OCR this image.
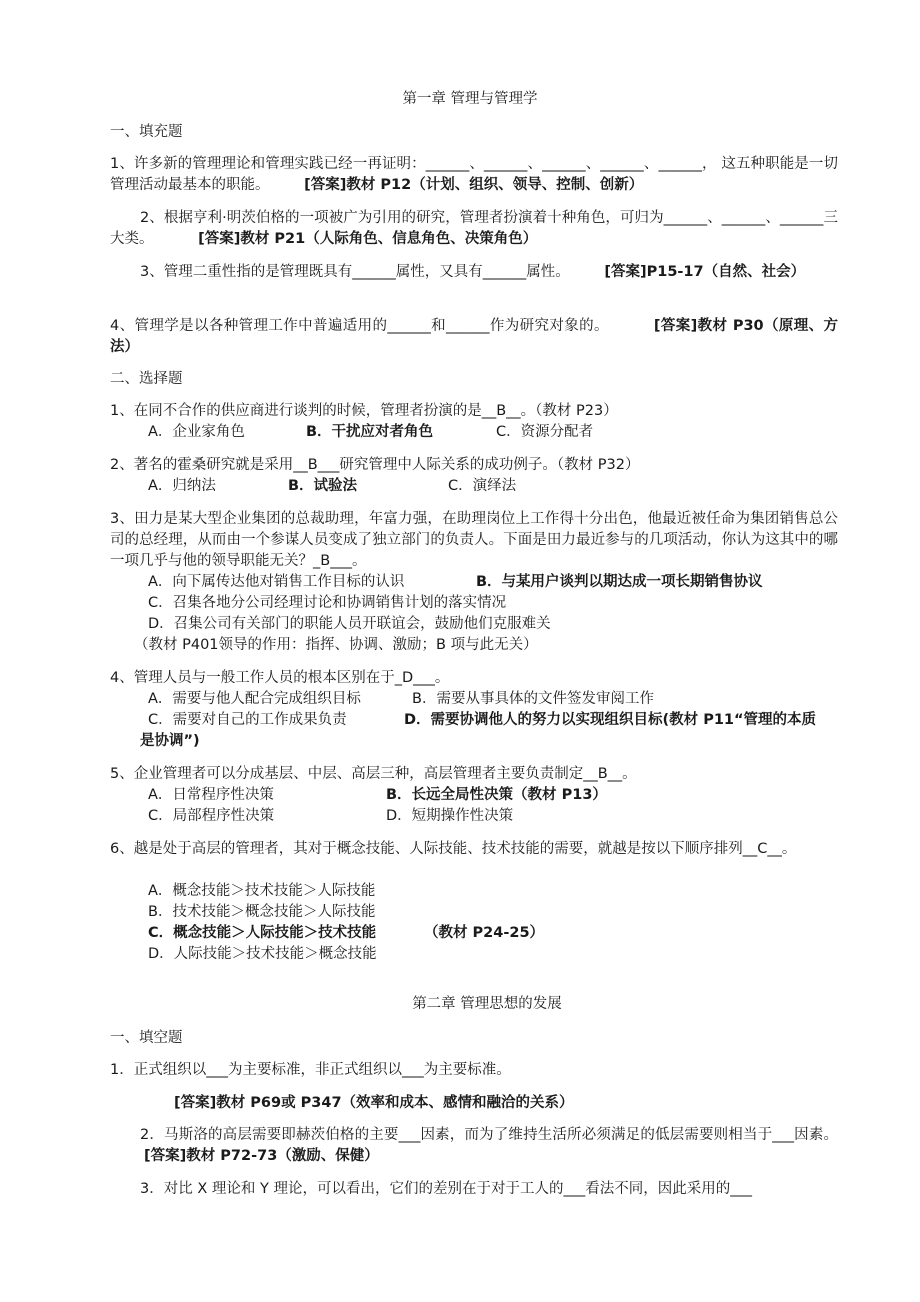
第一章 管理与管理学
一、填充题
1、许多新的管理理论和管理实践已经一再证明：______、______、______、______、______， 这五种职能是一切管理活动最基本的职能。 [答案]教材 P12（计划、组织、领导、控制、创新）
2、根据亨利·明茨伯格的一项被广为引用的研究，管理者扮演着十种角色，可归为______、______、______三大类。	[答案]教材 P21（人际角色、信息角色、决策角色）
3、管理二重性指的是管理既具有______属性，又具有______属性。 [答案]P15-17（自然、社会）
4、管理学是以各种管理工作中普遍适用的______和______作为研究对象的。	[答案]教材 P30（原理、方法）
二、选择题
1、在同不合作的供应商进行谈判的时候，管理者扮演的是__B__。（教材 P23）
A．企业家角色	B．干扰应对者角色	C．资源分配者
2、著名的霍桑研究就是采用__B___研究管理中人际关系的成功例子。（教材 P32）
A．归纳法	B．试验法	C．演绎法
3、田力是某大型企业集团的总裁助理，年富力强，在助理岗位上工作得十分出色，他最近被任命为集团销售总公司的总经理，从而由一个参谋人员变成了独立部门的负责人。下面是田力最近参与的几项活动，你认为这其中的哪一项几乎与他的领导职能无关？_B___。
A．向下属传达他对销售工作目标的认识	B．与某用户谈判以期达成一项长期销售协议
C．召集各地分公司经理讨论和协调销售计划的落实情况
D．召集公司有关部门的职能人员开联谊会，鼓励他们克服难关
（教材 P401领导的作用：指挥、协调、激励；B 项与此无关）
4、管理人员与一般工作人员的根本区别在于_D___。
A．需要与他人配合完成组织目标	B．需要从事具体的文件签发审阅工作
C．需要对自己的工作成果负责	D．需要协调他人的努力以实现组织目标(教材 P11“管理的本质是协调”)
5、企业管理者可以分成基层、中层、高层三种，高层管理者主要负责制定__B__。
A．日常程序性决策	B．长远全局性决策（教材 P13）
C．局部程序性决策	D．短期操作性决策
6、越是处于高层的管理者，其对于概念技能、人际技能、技术技能的需要，就越是按以下顺序排列__C__。
A．概念技能＞技术技能＞人际技能
B．技术技能＞概念技能＞人际技能
C．概念技能＞人际技能＞技术技能	（教材 P24-25）
D．人际技能＞技术技能＞概念技能
第二章 管理思想的发展
一、填空题
1．正式组织以___为主要标准，非正式组织以___为主要标准。
[答案]教材 P69或 P347（效率和成本、感情和融洽的关系）
2．马斯洛的高层需要即赫茨伯格的主要___因素，而为了维持生活所必须满足的低层需要则相当于___因素。 [答案]教材 P72-73（激励、保健）
3．对比 X 理论和 Y 理论，可以看出，它们的差别在于对于工人的___看法不同，因此采用的___
